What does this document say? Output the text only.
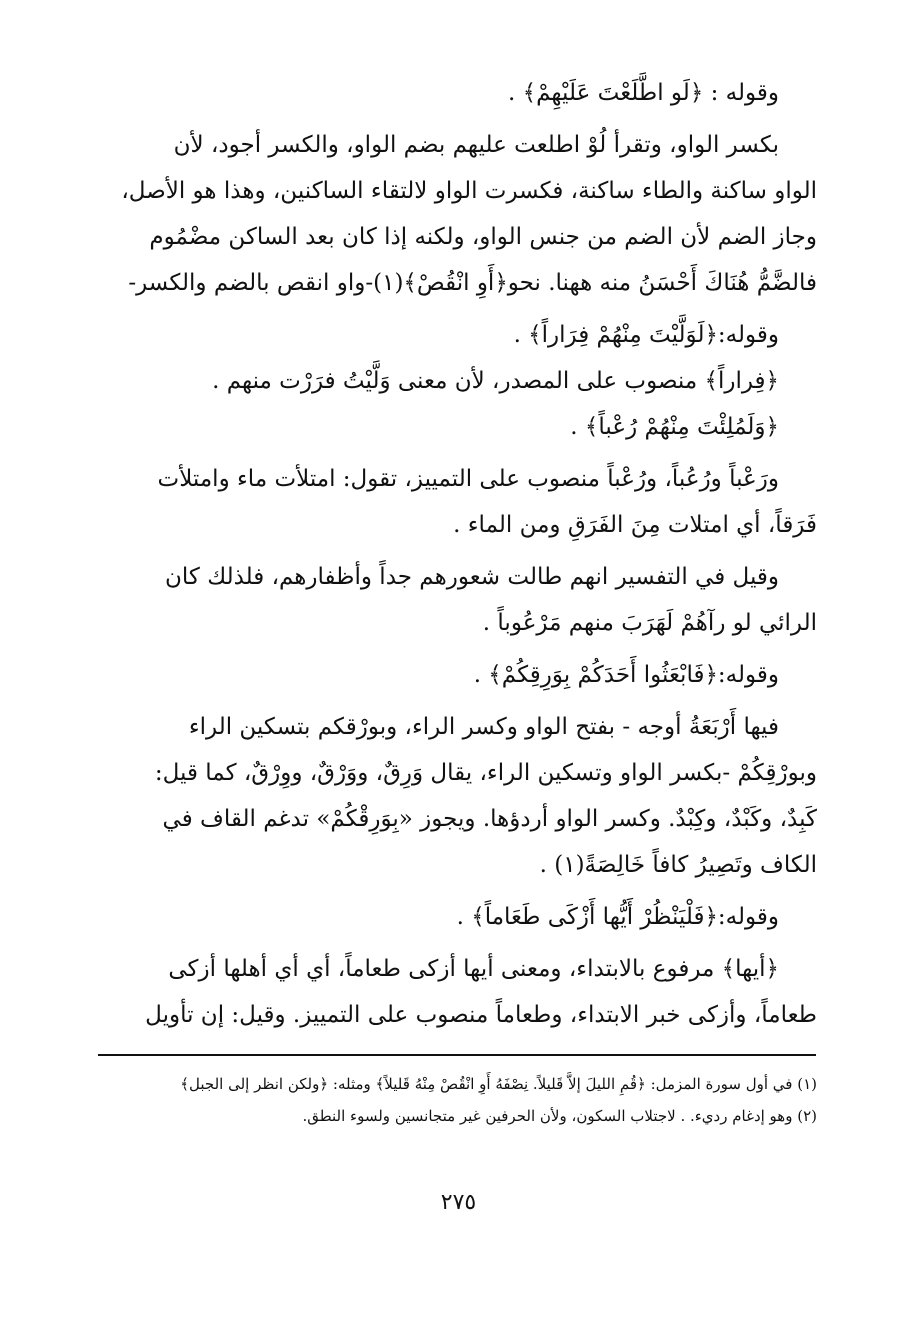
وقوله : ﴿لَو اطَّلَعْتَ عَلَيْهِمْ﴾ .

بكسر الواو، وتقرأ لُوْ اطلعت عليهم بضم الواو، والكسر أجود، لأن

الواو ساكنة والطاء ساكنة، فكسرت الواو لالتقاء الساكنين، وهذا هو الأصل،

وجاز الضم لأن الضم من جنس الواو، ولكنه إذا كان بعد الساكن مضْمُوم

فالضَّمُّ هُنَاكَ أَحْسَنُ منه ههنا. نحو﴿أَوِ انْقُصْ﴾(١)-واو انقص بالضم والكسر-

وقوله:﴿لَوَلَّيْتَ مِنْهُمْ فِرَاراً﴾ .

﴿فِراراً﴾ منصوب على المصدر، لأن معنى وَلَّيْتُ فرَرْت منهم .

﴿وَلَمُلِئْتَ مِنْهُمْ رُعْباً﴾ .

ورَعْباً ورُعُباً، ورُعْباً منصوب على التمييز، تقول: امتلأت ماء وامتلأت

فَرَقاً، أي امتلات مِنَ الفَرَقِ ومن الماء .

وقيل في التفسير انهم طالت شعورهم جداً وأظفارهم، فلذلك كان

الرائي لو رآهُمْ لَهَرَبَ منهم مَرْعُوباً .

وقوله:﴿فَابْعَثُوا أَحَدَكُمْ بِوَرِقِكُمْ﴾ .

فيها أَرْبَعَةُ أوجه - بفتح الواو وكسر الراء، وبورْقكم بتسكين الراء

وبورْقِكُمْ -بكسر الواو وتسكين الراء، يقال وَرِقٌ، ووَرْقٌ، ووِرْقٌ، كما قيل:

كَبِدٌ، وكَبْدٌ، وكِبْدٌ. وكسر الواو أردؤها. ويجوز «بِوَرِقْكُمْ» تدغم القاف في

الكاف وتَصِيرُ كافاً خَالِصَةً(١) .

وقوله:﴿فَلْيَنْظُرْ أَيُّها أَزْكَى طَعَاماً﴾ .

﴿أيها﴾ مرفوع بالابتداء، ومعنى أيها أزكى طعاماً، أي أي أهلها أزكى

طعاماً، وأزكى خبر الابتداء، وطعاماً منصوب على التمييز. وقيل: إن تأويل

(١) في أول سورة المزمل: ﴿قُمِ الليلَ إلاَّ قَليلاً. نِصْفَهُ أَوِ انْقُصْ مِنْهُ قَليلاً﴾ ومثله: ﴿ولكن انظر إلى الجبل﴾
(٢) وهو إدغام رديء. . لاجتلاب السكون، ولأن الحرفين غير متجانسين ولسوء النطق.
٢٧٥
